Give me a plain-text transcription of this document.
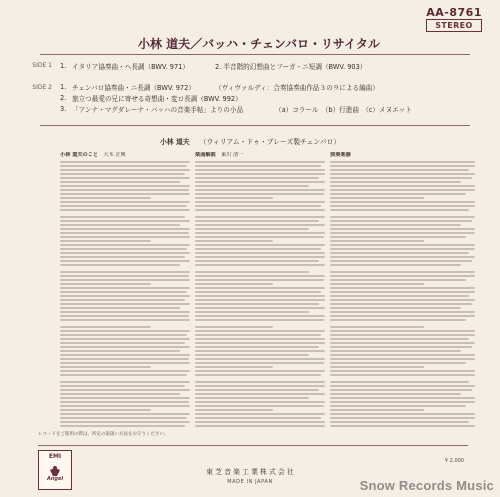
AA-8761
STEREO
小林 道夫／バッハ・チェンバロ・リサイタル
SIDE 1
SIDE 2
1. イタリア協奏曲・ヘ長調（BWV. 971）	2. 半音階的幻想曲とフーガ・ニ短調（BWV. 903）
1. チェンバロ協奏曲・ニ長調（BWV. 972）	（ヴィヴァルディ：合奏協奏曲作品３の９による編曲）
2. 旅立つ最愛の兄に寄せる奇想曲・変ロ長調（BWV. 992）
3. 「アンナ・マグダレーナ・バッハの音楽手帖」よりの小品	（a）コラール　（b）行進曲　（c）メヌエット
小林 道夫 （ウィリアム・ドゥ・ブレーズ製チェンバロ）
小林 道夫のこと　 大木 正興	楽曲解説　 東川 清一	独奏楽器
レコードをご使用の際は、所定の取扱い方法をお守りください。
EMI
Angel
¥ 2,000
東 芝 音 楽 工 業 株 式 会 社
MADE IN JAPAN	Snow Records Music
